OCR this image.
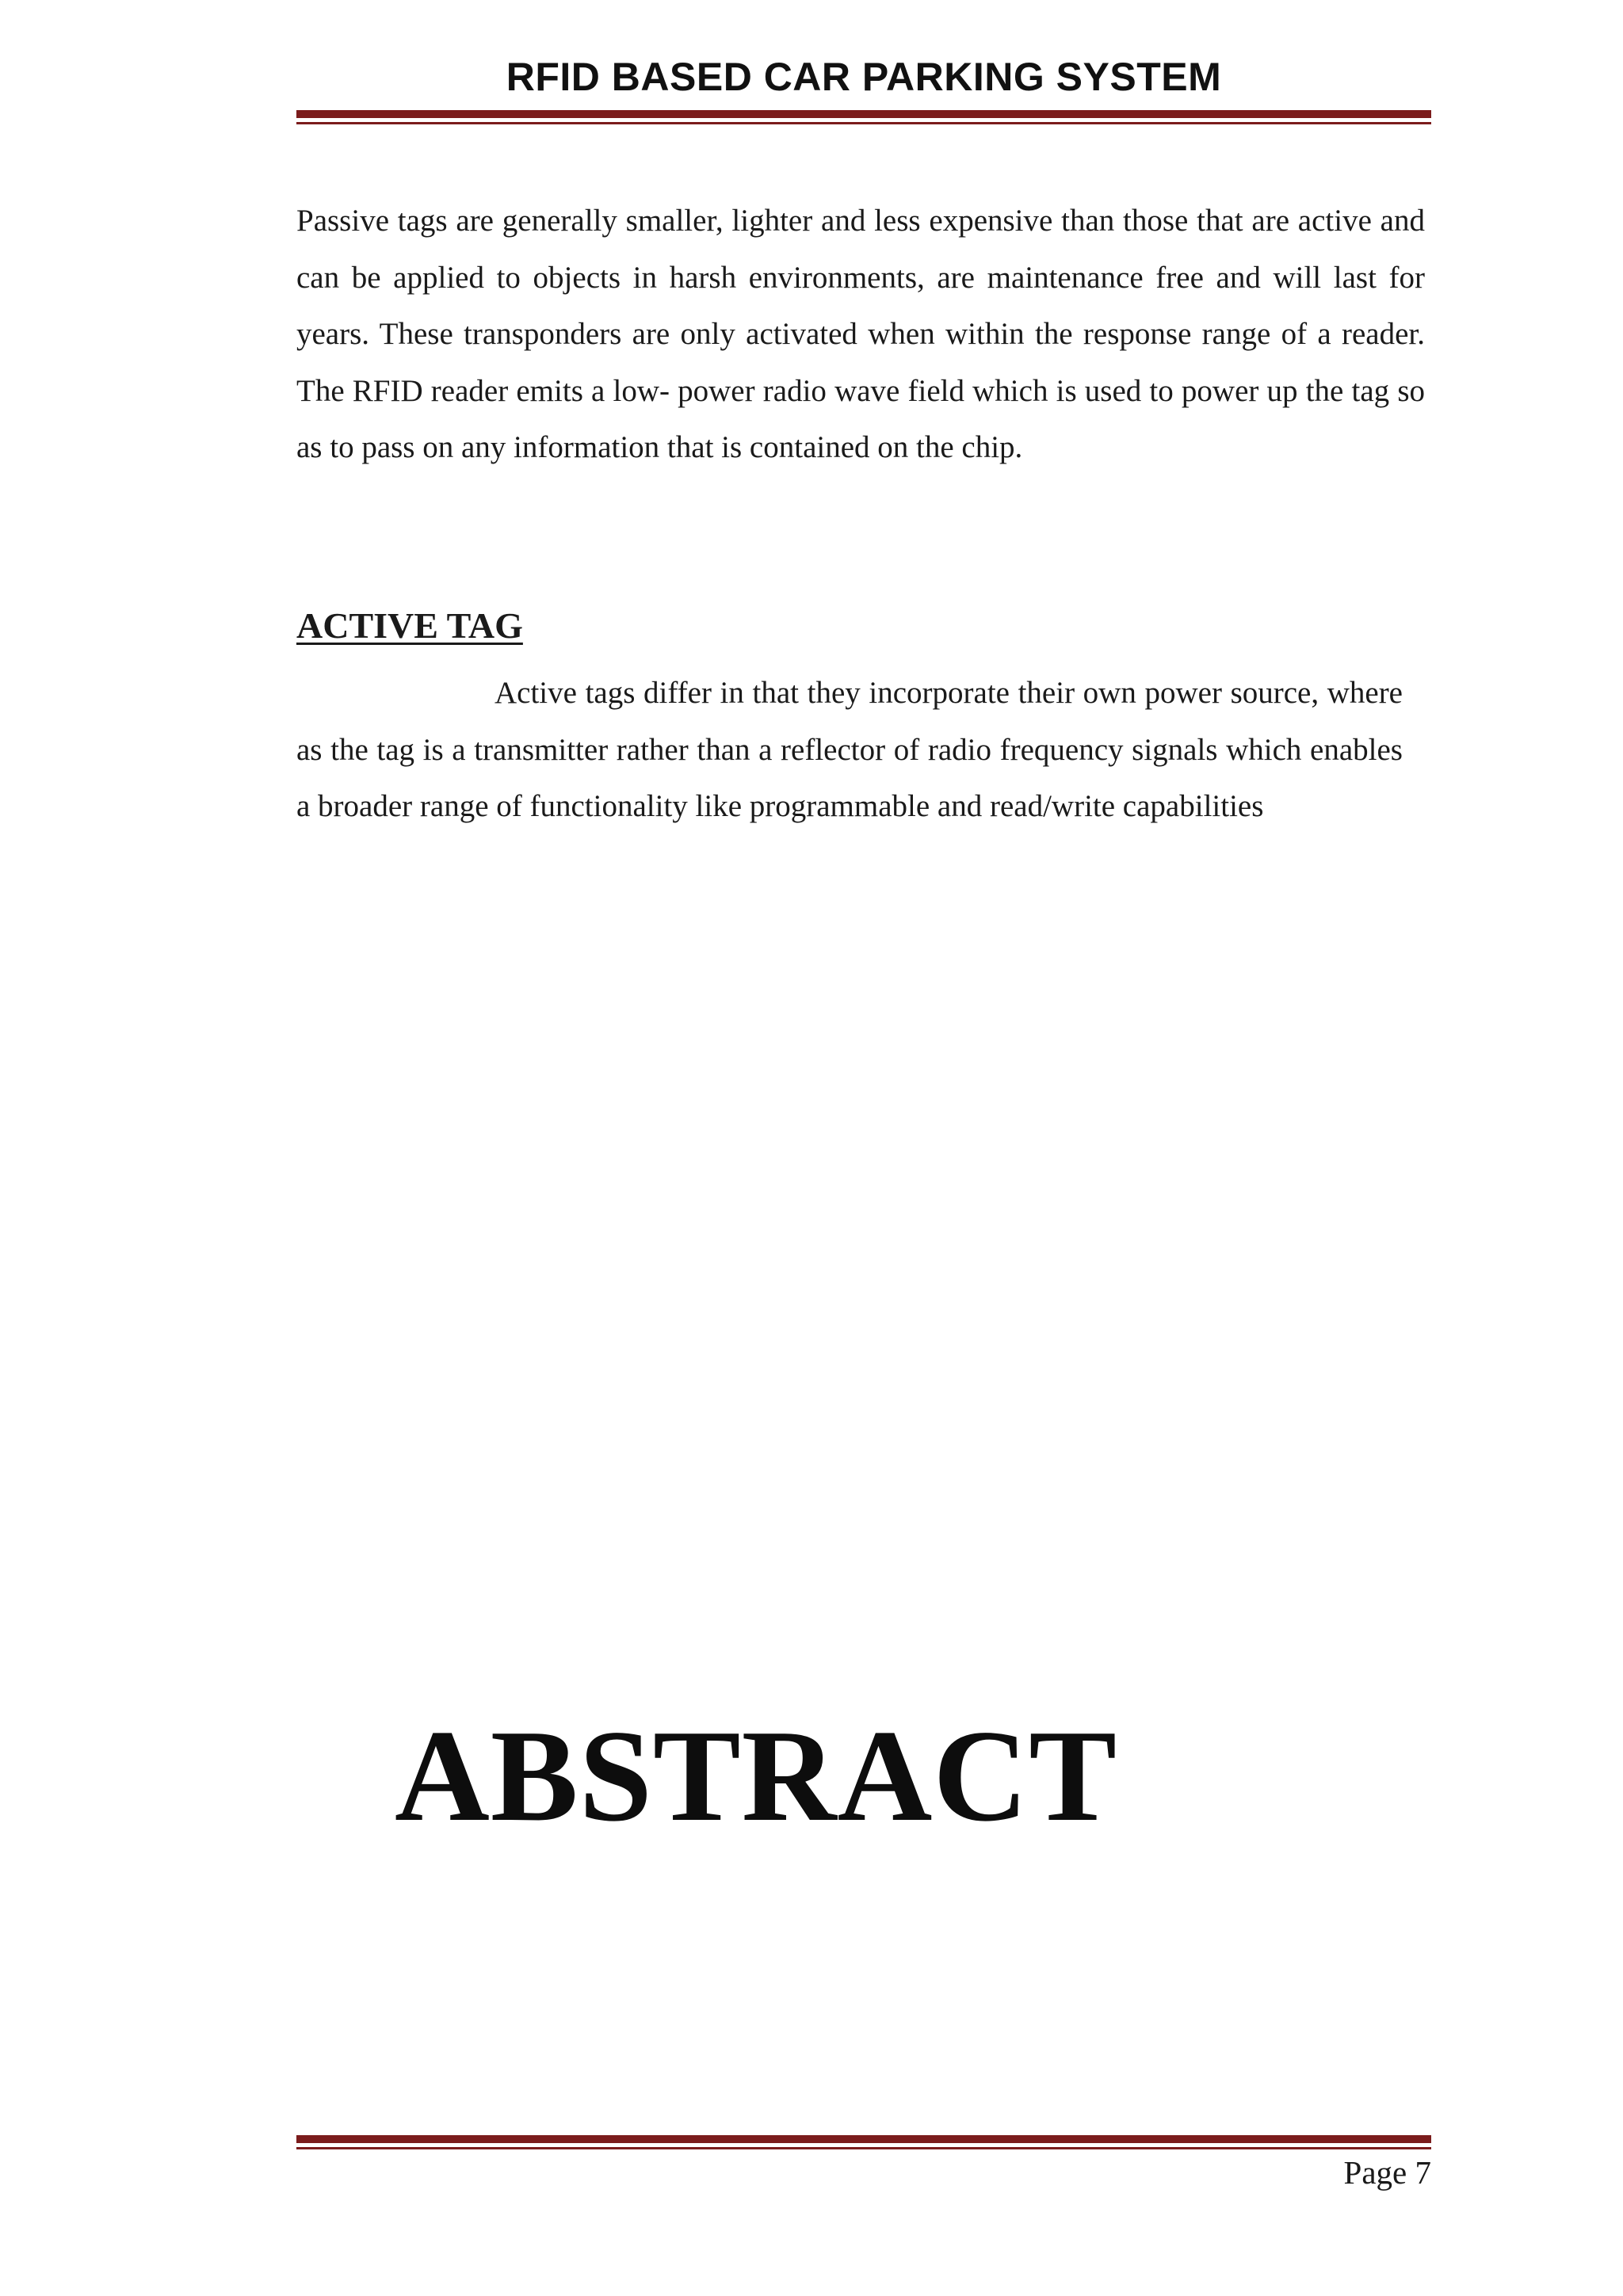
RFID BASED CAR PARKING SYSTEM

Passive tags are generally smaller, lighter and less expensive than those that are active and can be applied to objects in harsh environments, are maintenance free and will last for years. These transponders are only activated when within the response range of a reader. The RFID reader emits a low- power radio wave field which is used to power up the tag so as to pass on any information that is contained on the chip.

ACTIVE TAG

Active tags differ in that they incorporate their own power source, where as the tag is a transmitter rather than a reflector of radio frequency signals which enables a broader range of functionality like programmable and read/write capabilities

ABSTRACT
Page 7
